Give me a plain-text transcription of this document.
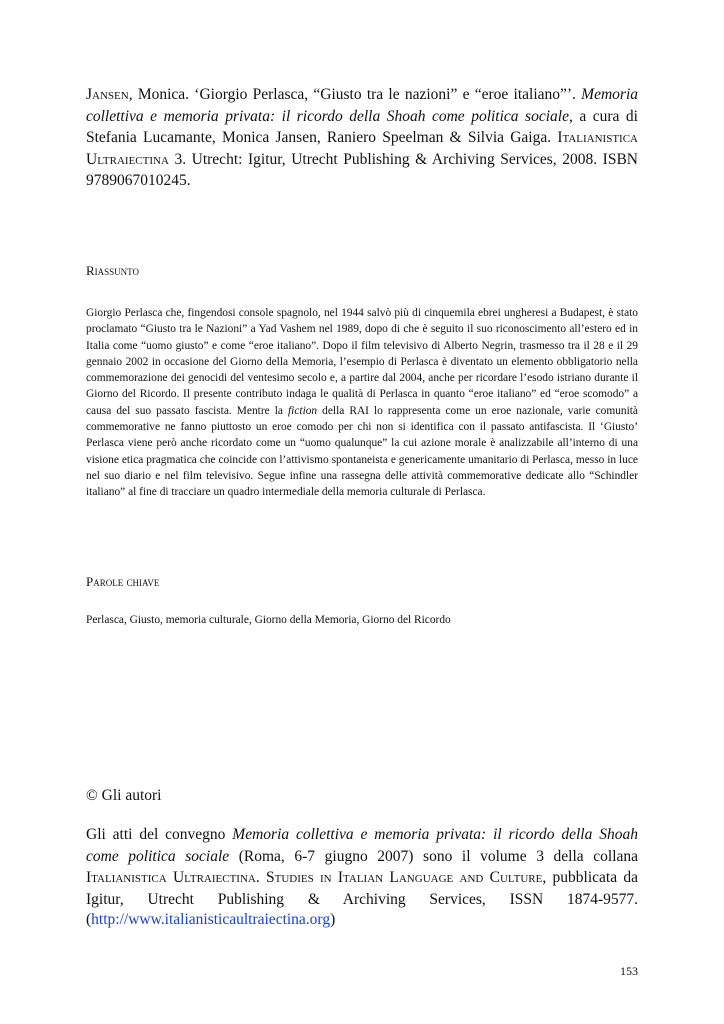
Jansen, Monica. ‘Giorgio Perlasca, “Giusto tra le nazioni” e “eroe italiano”’. Memoria collettiva e memoria privata: il ricordo della Shoah come politica sociale, a cura di Stefania Lucamante, Monica Jansen, Raniero Speelman & Silvia Gaiga. Italianistica Ultraiectina 3. Utrecht: Igitur, Utrecht Publishing & Archiving Services, 2008. ISBN 9789067010245.

Riassunto

Giorgio Perlasca che, fingendosi console spagnolo, nel 1944 salvò più di cinquemila ebrei ungheresi a Budapest, è stato proclamato “Giusto tra le Nazioni” a Yad Vashem nel 1989, dopo di che è seguito il suo riconoscimento all’estero ed in Italia come “uomo giusto” e come “eroe italiano”. Dopo il film televisivo di Alberto Negrin, trasmesso tra il 28 e il 29 gennaio 2002 in occasione del Giorno della Memoria, l’esempio di Perlasca è diventato un elemento obbligatorio nella commemorazione dei genocidi del ventesimo secolo e, a partire dal 2004, anche per ricordare l’esodo istriano durante il Giorno del Ricordo. Il presente contributo indaga le qualità di Perlasca in quanto “eroe italiano” ed “eroe scomodo” a causa del suo passato fascista. Mentre la fiction della RAI lo rappresenta come un eroe nazionale, varie comunità commemorative ne fanno piuttosto un eroe comodo per chi non si identifica con il passato antifascista. Il ‘Giusto’ Perlasca viene però anche ricordato come un “uomo qualunque” la cui azione morale è analizzabile all’interno di una visione etica pragmatica che coincide con l’attivismo spontaneista e genericamente umanitario di Perlasca, messo in luce nel suo diario e nel film televisivo. Segue infine una rassegna delle attività commemorative dedicate allo “Schindler italiano” al fine di tracciare un quadro intermediale della memoria culturale di Perlasca.

Parole chiave

Perlasca, Giusto, memoria culturale, Giorno della Memoria, Giorno del Ricordo

© Gli autori

Gli atti del convegno Memoria collettiva e memoria privata: il ricordo della Shoah come politica sociale (Roma, 6-7 giugno 2007) sono il volume 3 della collana Italianistica Ultraiectina. Studies in Italian Language and Culture, pubblicata da Igitur, Utrecht Publishing & Archiving Services, ISSN 1874-9577.

(http://www.italianisticaultraiectina.org)

153
